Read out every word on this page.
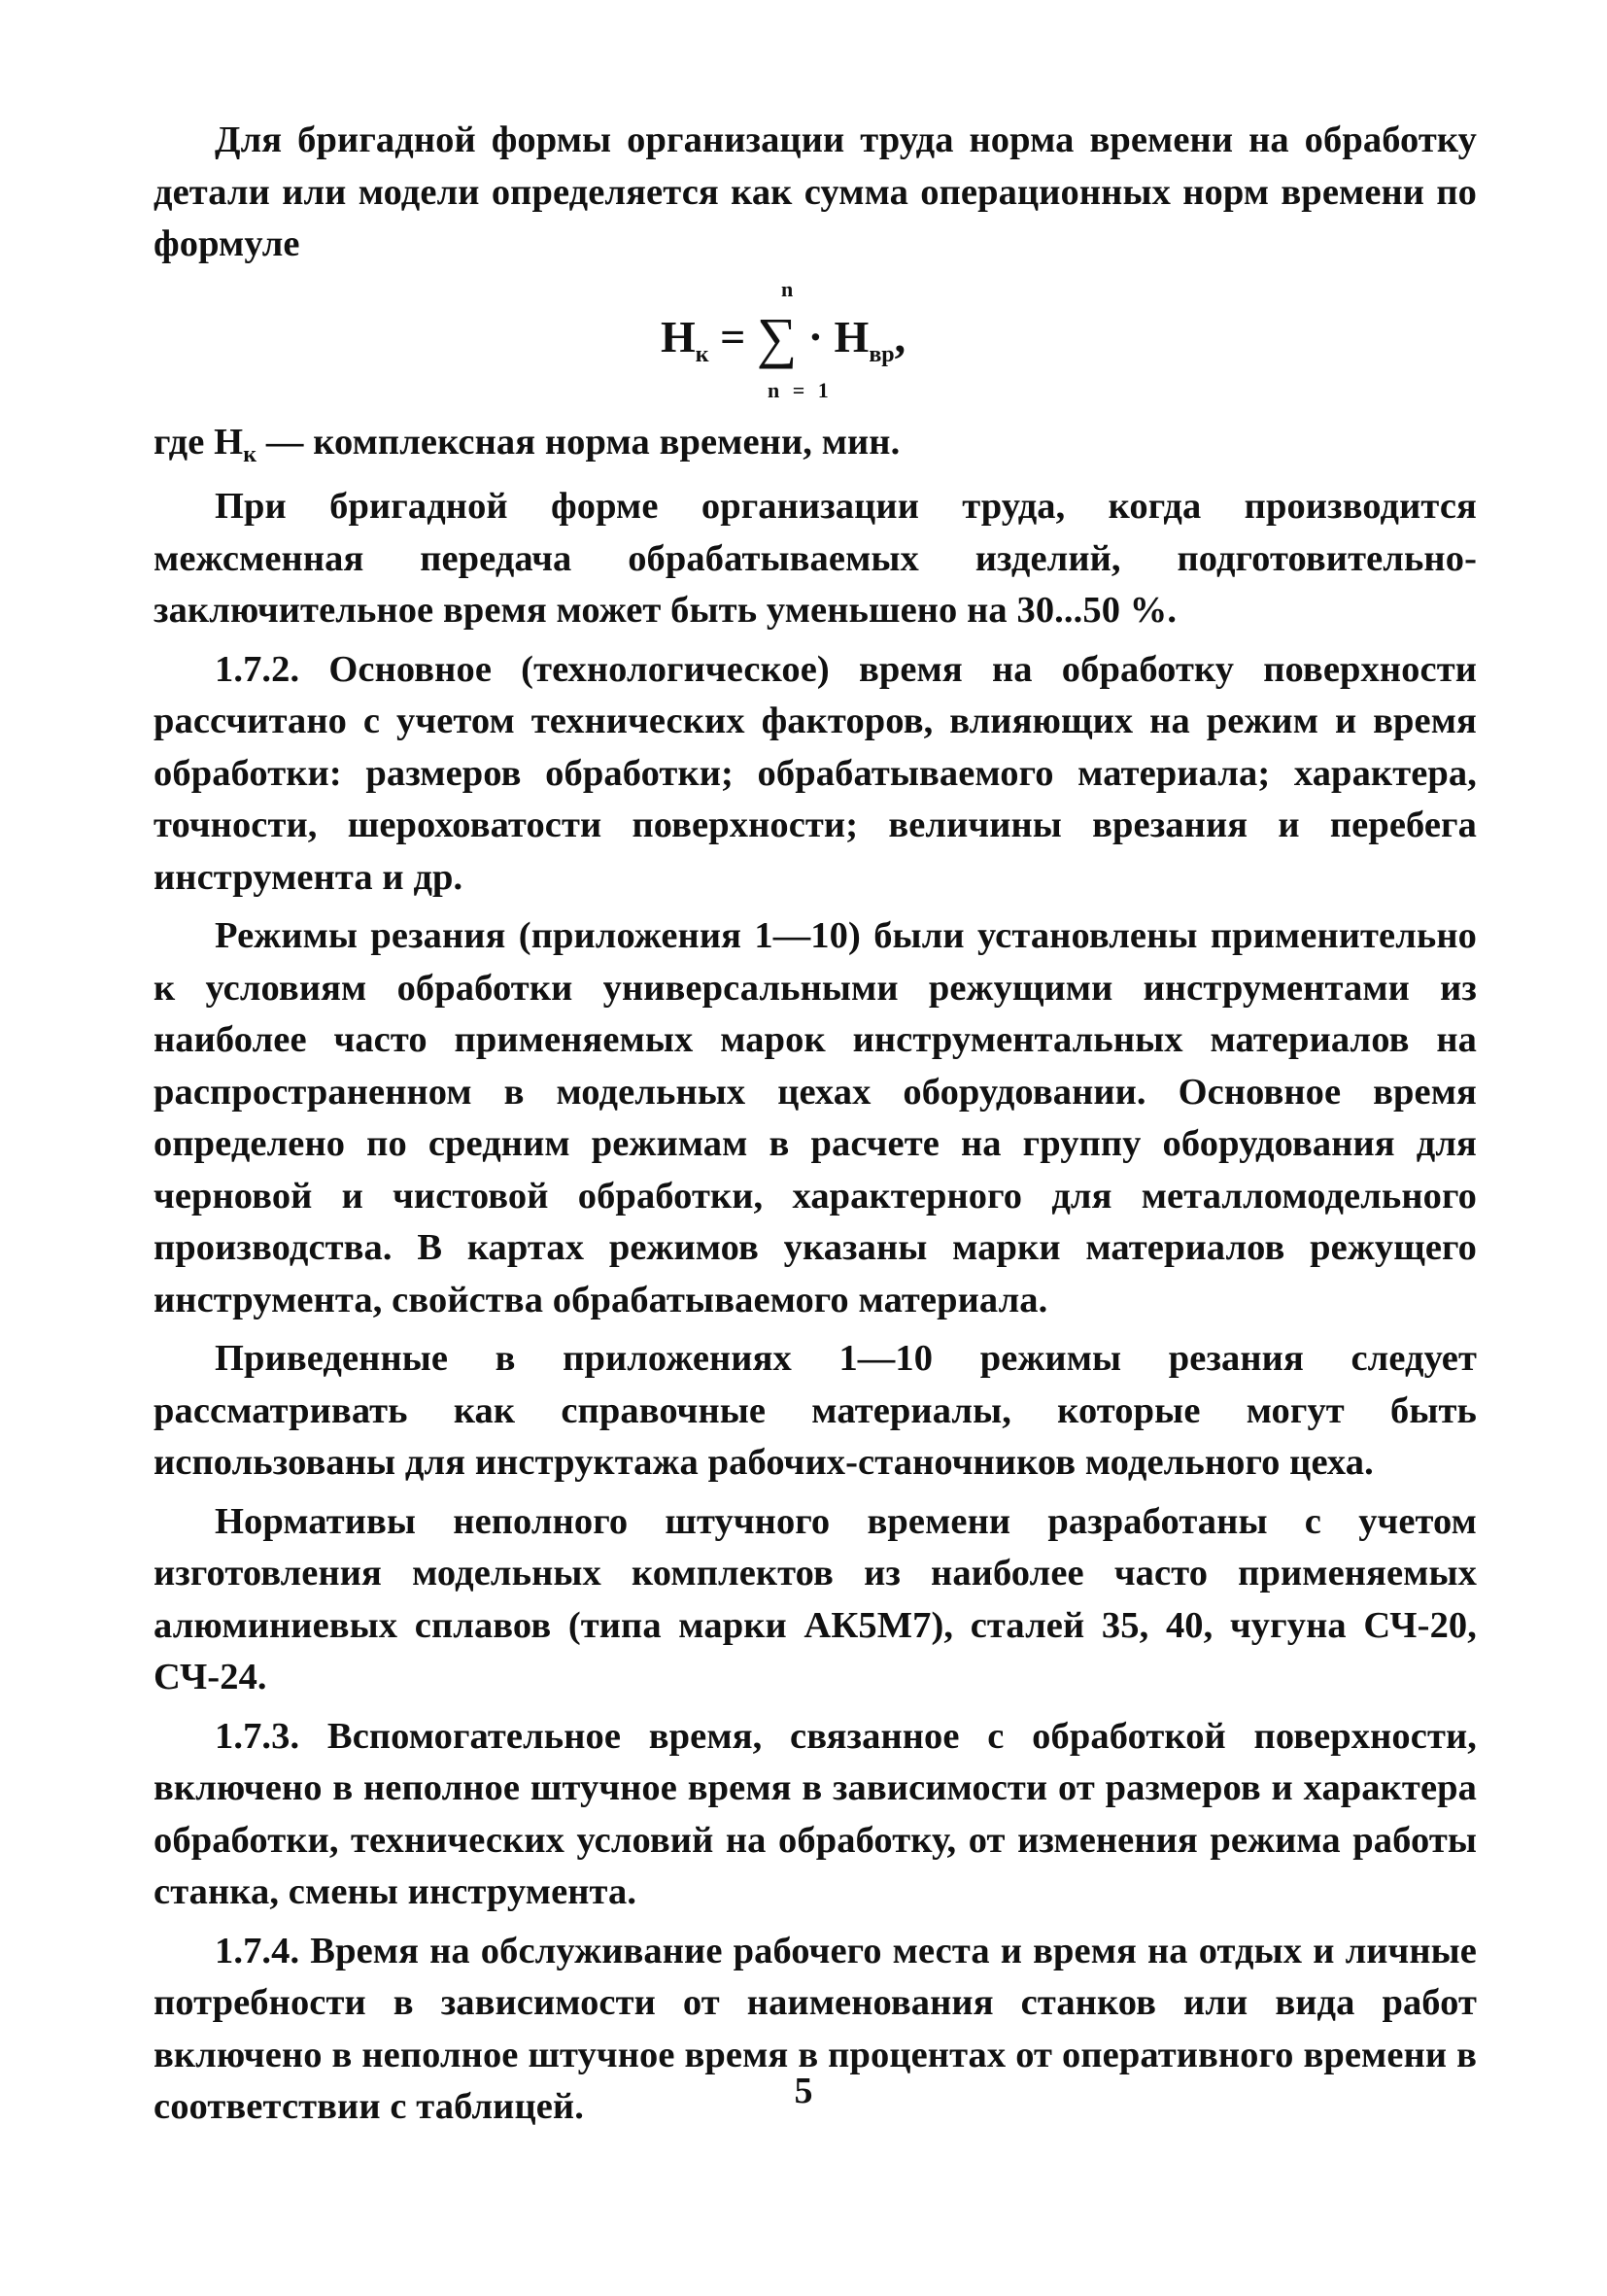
Для бригадной формы организации труда норма времени на обработку детали или модели определяется как сумма операционных норм времени по формуле

n
$Н_к$ = ∑ · $Н_{вр}$,
n = 1

где $Н_к$ — комплексная норма времени, мин.

При бригадной форме организации труда, когда производится межсменная передача обрабатываемых изделий, подготовительно-заключительное время может быть уменьшено на 30...50 %.

1.7.2. Основное (технологическое) время на обработку поверхности рассчитано с учетом технических факторов, влияющих на режим и время обработки: размеров обработки; обрабатываемого материала; характера, точности, шероховатости поверхности; величины врезания и перебега инструмента и др.

Режимы резания (приложения 1—10) были установлены применительно к условиям обработки универсальными режущими инструментами из наиболее часто применяемых марок инструментальных материалов на распространенном в модельных цехах оборудовании. Основное время определено по средним режимам в расчете на группу оборудования для черновой и чистовой обработки, характерного для металломодельного производства. В картах режимов указаны марки материалов режущего инструмента, свойства обрабатываемого материала.

Приведенные в приложениях 1—10 режимы резания следует рассматривать как справочные материалы, которые могут быть использованы для инструктажа рабочих-станочников модельного цеха.

Нормативы неполного штучного времени разработаны с учетом изготовления модельных комплектов из наиболее часто применяемых алюминиевых сплавов (типа марки АК5М7), сталей 35, 40, чугуна СЧ-20, СЧ-24.

1.7.3. Вспомогательное время, связанное с обработкой поверхности, включено в неполное штучное время в зависимости от размеров и характера обработки, технических условий на обработку, от изменения режима работы станка, смены инструмента.

1.7.4. Время на обслуживание рабочего места и время на отдых и личные потребности в зависимости от наименования станков или вида работ включено в неполное штучное время в процентах от оперативного времени в соответствии с таблицей.	5
